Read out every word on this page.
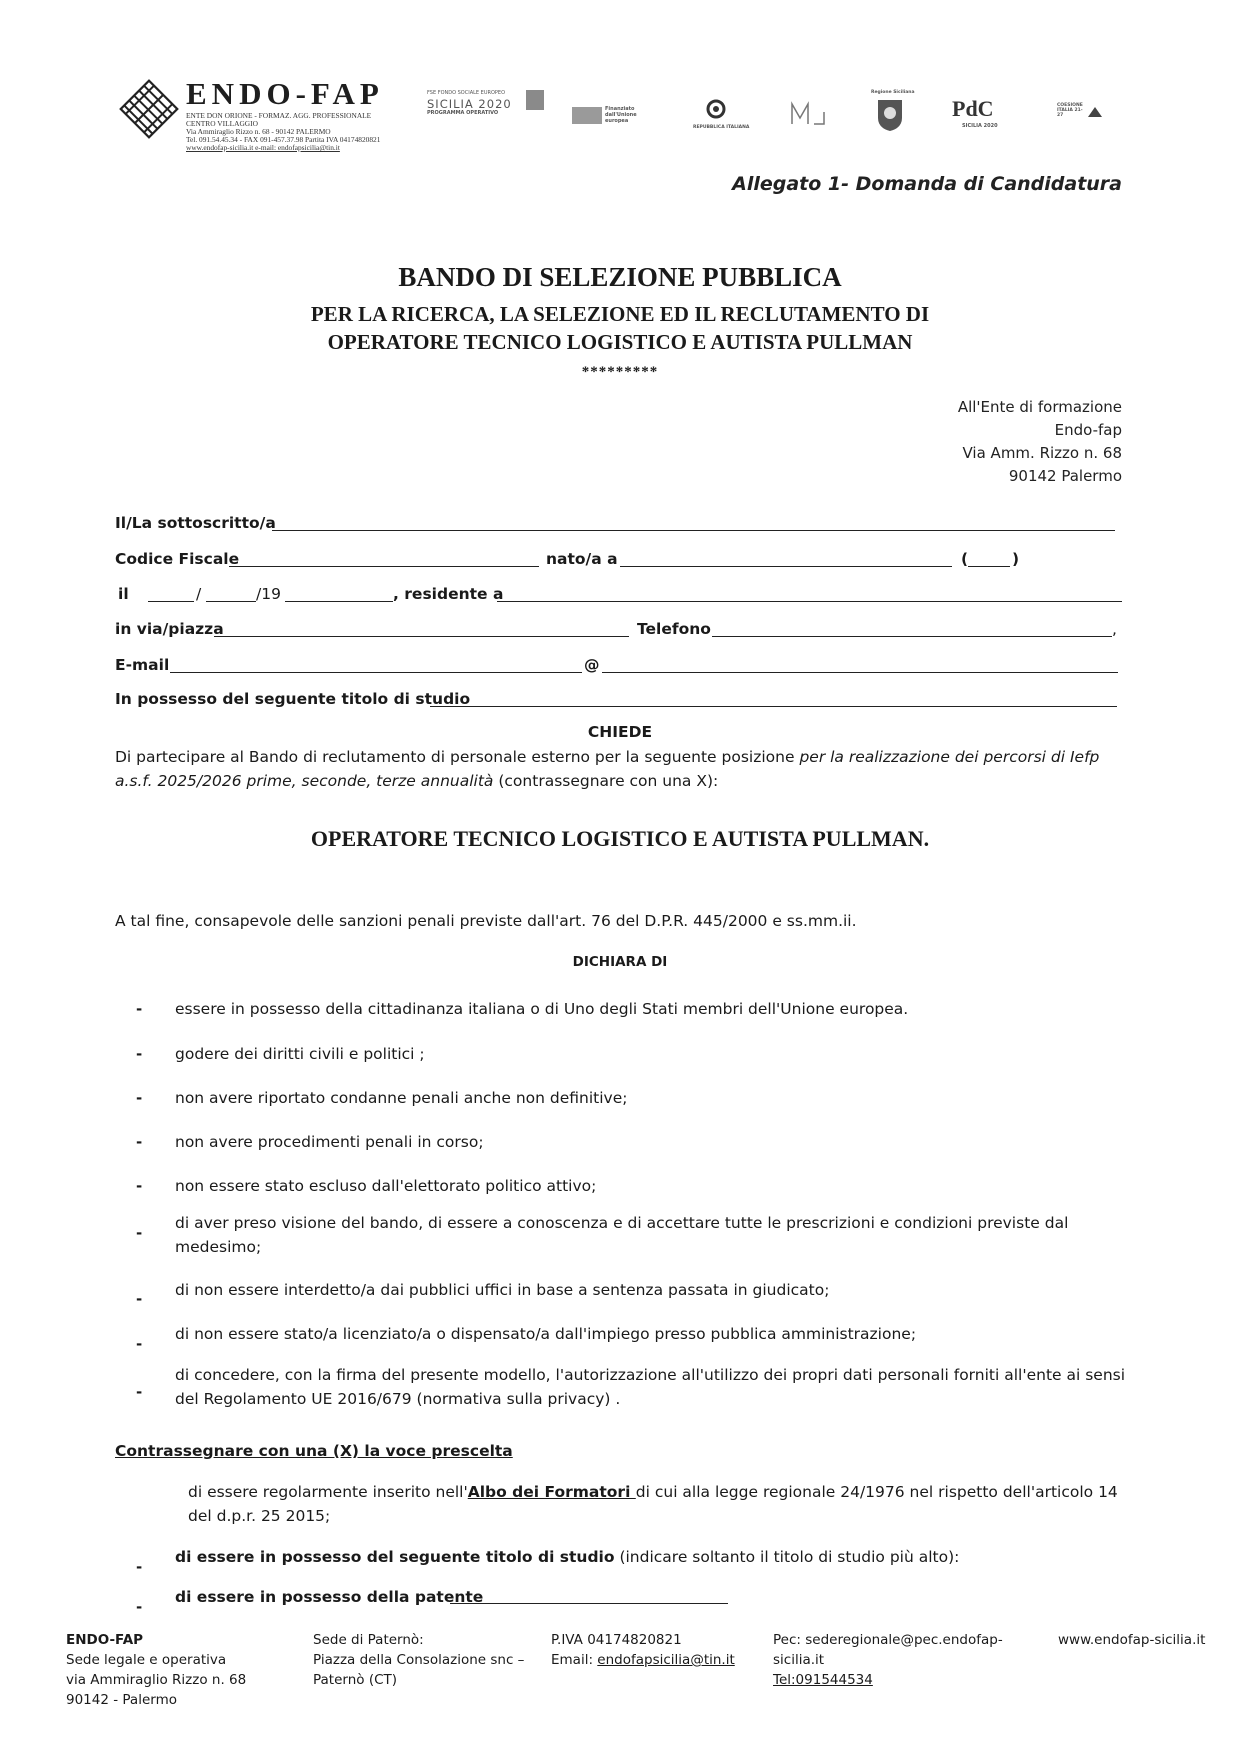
ENDO-FAP
ENTE DON ORIONE - FORMAZ. AGG. PROFESSIONALE
CENTRO VILLAGGIO
Via Ammiraglio Rizzo n. 68 - 90142 PALERMO
Tel. 091.54.45.34 - FAX 091-457.37.98 Partita IVA 04174820821
www.endofap-sicilia.it e-mail: endofapsicilia@tin.it
FSE FONDO SOCIALE EUROPEO
SICILIA 2020
PROGRAMMA OPERATIVO
Finanziato dall'Unione europea
REPUBBLICA ITALIANA
Regione Siciliana
PdC
SICILIA 2020
COESIONE ITALIA 21-27
Allegato 1- Domanda di Candidatura
BANDO DI SELEZIONE PUBBLICA
PER LA RICERCA, LA SELEZIONE ED IL RECLUTAMENTO DI
OPERATORE TECNICO LOGISTICO E AUTISTA PULLMAN
*********
All'Ente di formazione
Endo-fap
Via Amm. Rizzo n. 68
90142 Palermo
Il/La sottoscritto/a
Codice Fiscale	nato/a a	(	)
il	/	/19	, residente a
in via/piazza	Telefono	,
E-mail	@
In possesso del seguente titolo di studio
CHIEDE
Di partecipare al Bando di reclutamento di personale esterno per la seguente posizione per la realizzazione dei percorsi di Iefp a.s.f. 2025/2026 prime, seconde, terze annualità (contrassegnare con una X):
OPERATORE TECNICO LOGISTICO E AUTISTA PULLMAN.
A tal fine, consapevole delle sanzioni penali previste dall'art. 76 del D.P.R. 445/2000 e ss.mm.ii.
DICHIARA DI
- essere in possesso della cittadinanza italiana o di Uno degli Stati membri dell'Unione europea.
- godere dei diritti civili e politici ;
- non avere riportato condanne penali anche non definitive;
- non avere procedimenti penali in corso;
- non essere stato escluso dall'elettorato politico attivo;
-
di aver preso visione del bando, di essere a conoscenza e di accettare tutte le prescrizioni e condizioni previste dal medesimo;
- di non essere interdetto/a dai pubblici uffici in base a sentenza passata in giudicato;
-
di non essere stato/a licenziato/a o dispensato/a dall'impiego presso pubblica amministrazione;
-
di concedere, con la firma del presente modello, l'autorizzazione all'utilizzo dei propri dati personali forniti all'ente ai sensi del Regolamento UE 2016/679 (normativa sulla privacy) .
Contrassegnare con una (X) la voce prescelta
di essere regolarmente inserito nell'Albo dei Formatori di cui alla legge regionale 24/1976 nel rispetto dell'articolo 14 del d.p.r. 25 2015;
-
di essere in possesso del seguente titolo di studio (indicare soltanto il titolo di studio più alto):
-
di essere in possesso della patente
ENDO-FAP
Sede legale e operativa
via Ammiraglio Rizzo n. 68
90142 - Palermo
Sede di Paternò:
Piazza della Consolazione snc –
Paternò (CT)
P.IVA 04174820821
Email: endofapsicilia@tin.it
Pec: sederegionale@pec.endofap-
sicilia.it
Tel:091544534
www.endofap-sicilia.it
